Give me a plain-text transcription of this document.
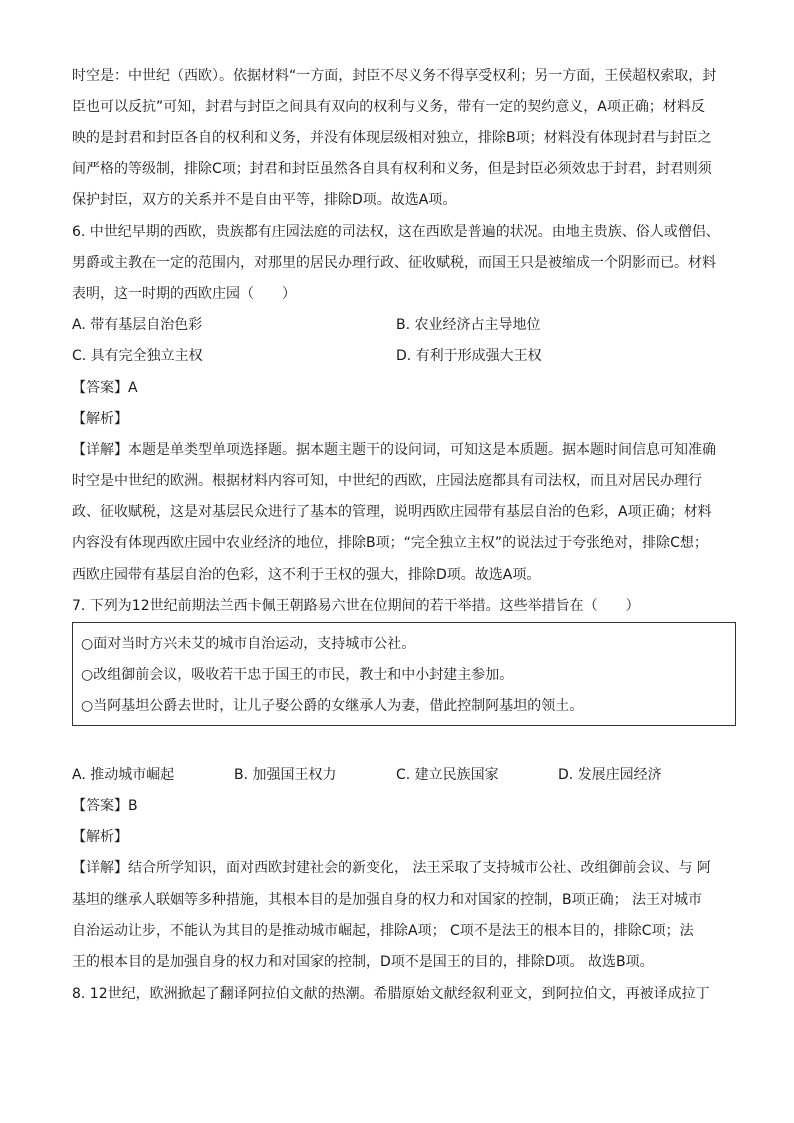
时空是：中世纪（西欧）。依据材料“一方面，封臣不尽义务不得享受权利；另一方面，王侯超权索取，封
臣也可以反抗”可知，封君与封臣之间具有双向的权利与义务，带有一定的契约意义，A项正确；材料反
映的是封君和封臣各自的权利和义务，并没有体现层级相对独立，排除B项；材料没有体现封君与封臣之
间严格的等级制，排除C项；封君和封臣虽然各自具有权利和义务，但是封臣必须效忠于封君，封君则须
保护封臣，双方的关系并不是自由平等，排除D项。故选A项。
6. 中世纪早期的西欧，贵族都有庄园法庭的司法权，这在西欧是普遍的状况。由地主贵族、俗人或僧侣、
男爵或主教在一定的范围内，对那里的居民办理行政、征收赋税，而国王只是被缩成一个阴影而已。材料
表明，这一时期的西欧庄园（　　）
A. 带有基层自治色彩	B. 农业经济占主导地位
C. 具有完全独立主权	D. 有利于形成强大王权
【答案】A
【解析】
【详解】本题是单类型单项选择题。据本题主题干的设问词，可知这是本质题。据本题时间信息可知准确
时空是中世纪的欧洲。根据材料内容可知，中世纪的西欧，庄园法庭都具有司法权，而且对居民办理行
政、征收赋税，这是对基层民众进行了基本的管理，说明西欧庄园带有基层自治的色彩，A项正确；材料
内容没有体现西欧庄园中农业经济的地位，排除B项；“完全独立主权”的说法过于夸张绝对，排除C想；
西欧庄园带有基层自治的色彩，这不利于王权的强大，排除D项。故选A项。
7. 下列为12世纪前期法兰西卡佩王朝路易六世在位期间的若干举措。这些举措旨在（　　）
○面对当时方兴未艾的城市自治运动，支持城市公社。
○改组御前会议，吸收若干忠于国王的市民，教士和中小封建主参加。
○当阿基坦公爵去世时，让儿子娶公爵的女继承人为妻，借此控制阿基坦的领土。
A. 推动城市崛起	B. 加强国王权力	C. 建立民族国家	D. 发展庄园经济
【答案】B
【解析】
【详解】结合所学知识，面对西欧封建社会的新变化， 法王采取了支持城市公社、改组御前会议、与 阿
基坦的继承人联姻等多种措施，其根本目的是加强自身的权力和对国家的控制，B项正确； 法王对城市
自治运动让步，不能认为其目的是推动城市崛起，排除A项； C项不是法王的根本目的，排除C项；法
王的根本目的是加强自身的权力和对国家的控制，D项不是国王的目的，排除D项。 故选B项。
8. 12世纪，欧洲掀起了翻译阿拉伯文献的热潮。希腊原始文献经叙利亚文，到阿拉伯文，再被译成拉丁
